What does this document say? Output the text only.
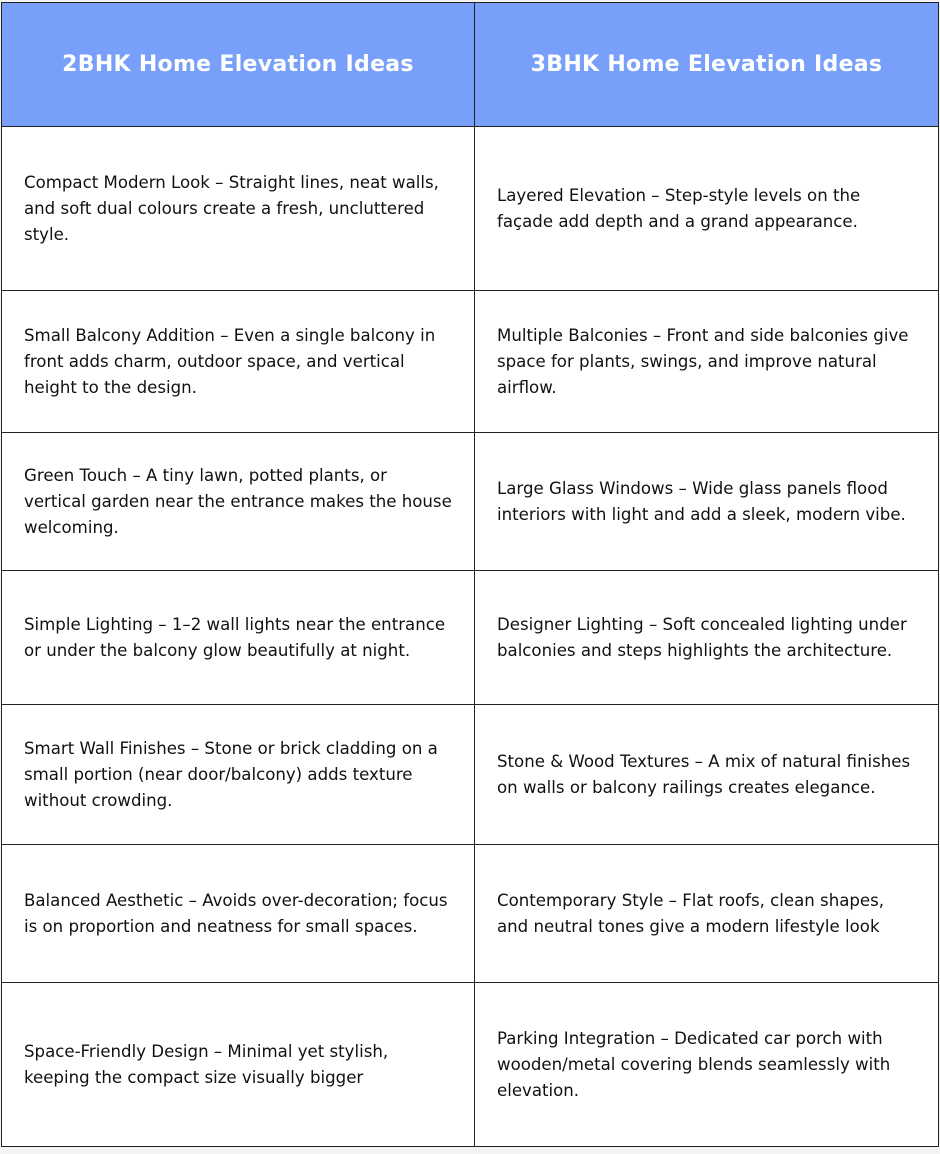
2BHK Home Elevation Ideas	3BHK Home Elevation Ideas
Compact Modern Look – Straight lines, neat walls, and soft dual colours create a fresh, uncluttered style.	Layered Elevation – Step-style levels on the façade add depth and a grand appearance.
Small Balcony Addition – Even a single balcony in front adds charm, outdoor space, and vertical height to the design.	Multiple Balconies – Front and side balconies give space for plants, swings, and improve natural airflow.
Green Touch – A tiny lawn, potted plants, or vertical garden near the entrance makes the house welcoming.	Large Glass Windows – Wide glass panels flood interiors with light and add a sleek, modern vibe.
Simple Lighting – 1–2 wall lights near the entrance or under the balcony glow beautifully at night.	Designer Lighting – Soft concealed lighting under balconies and steps highlights the architecture.
Smart Wall Finishes – Stone or brick cladding on a small portion (near door/balcony) adds texture without crowding.	Stone & Wood Textures – A mix of natural finishes on walls or balcony railings creates elegance.
Balanced Aesthetic – Avoids over-decoration; focus is on proportion and neatness for small spaces.	Contemporary Style – Flat roofs, clean shapes, and neutral tones give a modern lifestyle look
Space-Friendly Design – Minimal yet stylish, keeping the compact size visually bigger	Parking Integration – Dedicated car porch with wooden/metal covering blends seamlessly with elevation.
